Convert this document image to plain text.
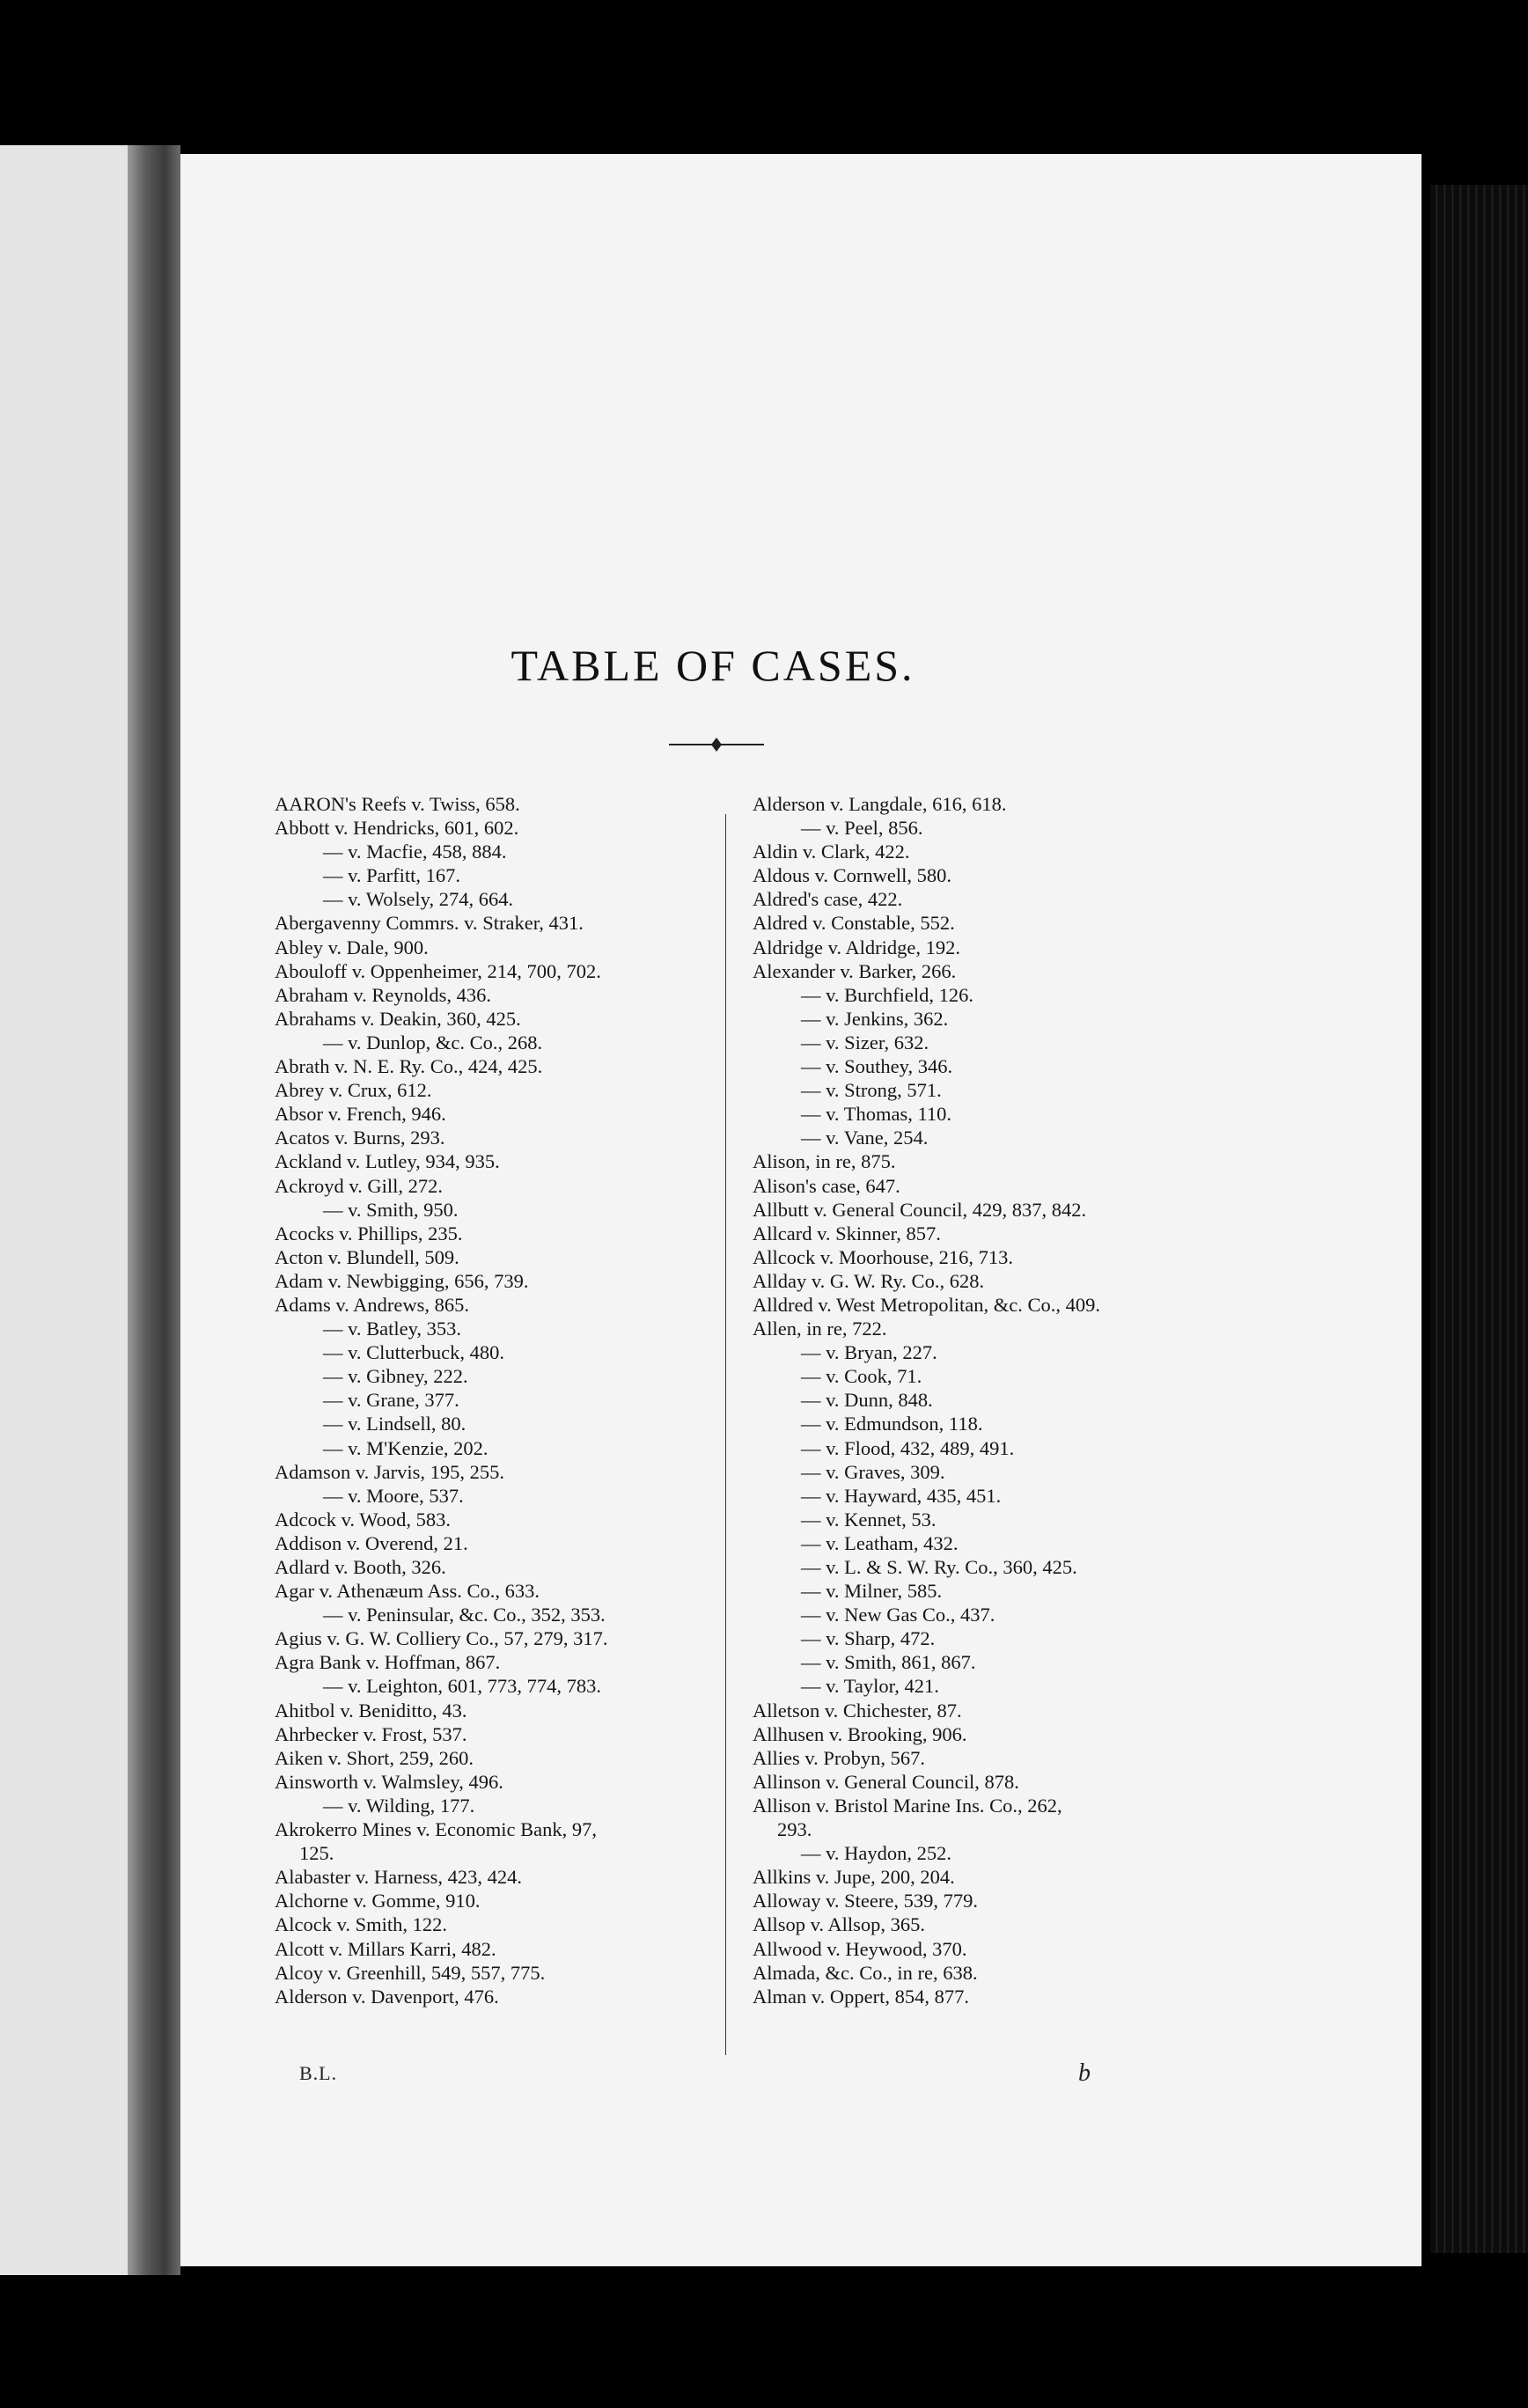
TABLE OF CASES.
AARON's Reefs v. Twiss, 658.
Abbott v. Hendricks, 601, 602.
— v. Macfie, 458, 884.
— v. Parfitt, 167.
— v. Wolsely, 274, 664.
Abergavenny Commrs. v. Straker, 431.
Abley v. Dale, 900.
Abouloff v. Oppenheimer, 214, 700, 702.
Abraham v. Reynolds, 436.
Abrahams v. Deakin, 360, 425.
— v. Dunlop, &c. Co., 268.
Abrath v. N. E. Ry. Co., 424, 425.
Abrey v. Crux, 612.
Absor v. French, 946.
Acatos v. Burns, 293.
Ackland v. Lutley, 934, 935.
Ackroyd v. Gill, 272.
— v. Smith, 950.
Acocks v. Phillips, 235.
Acton v. Blundell, 509.
Adam v. Newbigging, 656, 739.
Adams v. Andrews, 865.
— v. Batley, 353.
— v. Clutterbuck, 480.
— v. Gibney, 222.
— v. Grane, 377.
— v. Lindsell, 80.
— v. M'Kenzie, 202.
Adamson v. Jarvis, 195, 255.
— v. Moore, 537.
Adcock v. Wood, 583.
Addison v. Overend, 21.
Adlard v. Booth, 326.
Agar v. Athenæum Ass. Co., 633.
— v. Peninsular, &c. Co., 352, 353.
Agius v. G. W. Colliery Co., 57, 279, 317.
Agra Bank v. Hoffman, 867.
— v. Leighton, 601, 773, 774, 783.
Ahitbol v. Beniditto, 43.
Ahrbecker v. Frost, 537.
Aiken v. Short, 259, 260.
Ainsworth v. Walmsley, 496.
— v. Wilding, 177.
Akrokerro Mines v. Economic Bank, 97,
125.
Alabaster v. Harness, 423, 424.
Alchorne v. Gomme, 910.
Alcock v. Smith, 122.
Alcott v. Millars Karri, 482.
Alcoy v. Greenhill, 549, 557, 775.
Alderson v. Davenport, 476.
Alderson v. Langdale, 616, 618.
— v. Peel, 856.
Aldin v. Clark, 422.
Aldous v. Cornwell, 580.
Aldred's case, 422.
Aldred v. Constable, 552.
Aldridge v. Aldridge, 192.
Alexander v. Barker, 266.
— v. Burchfield, 126.
— v. Jenkins, 362.
— v. Sizer, 632.
— v. Southey, 346.
— v. Strong, 571.
— v. Thomas, 110.
— v. Vane, 254.
Alison, in re, 875.
Alison's case, 647.
Allbutt v. General Council, 429, 837, 842.
Allcard v. Skinner, 857.
Allcock v. Moorhouse, 216, 713.
Allday v. G. W. Ry. Co., 628.
Alldred v. West Metropolitan, &c. Co., 409.
Allen, in re, 722.
— v. Bryan, 227.
— v. Cook, 71.
— v. Dunn, 848.
— v. Edmundson, 118.
— v. Flood, 432, 489, 491.
— v. Graves, 309.
— v. Hayward, 435, 451.
— v. Kennet, 53.
— v. Leatham, 432.
— v. L. & S. W. Ry. Co., 360, 425.
— v. Milner, 585.
— v. New Gas Co., 437.
— v. Sharp, 472.
— v. Smith, 861, 867.
— v. Taylor, 421.
Alletson v. Chichester, 87.
Allhusen v. Brooking, 906.
Allies v. Probyn, 567.
Allinson v. General Council, 878.
Allison v. Bristol Marine Ins. Co., 262,
293.
— v. Haydon, 252.
Allkins v. Jupe, 200, 204.
Alloway v. Steere, 539, 779.
Allsop v. Allsop, 365.
Allwood v. Heywood, 370.
Almada, &c. Co., in re, 638.
Alman v. Oppert, 854, 877.
B.L.	b
